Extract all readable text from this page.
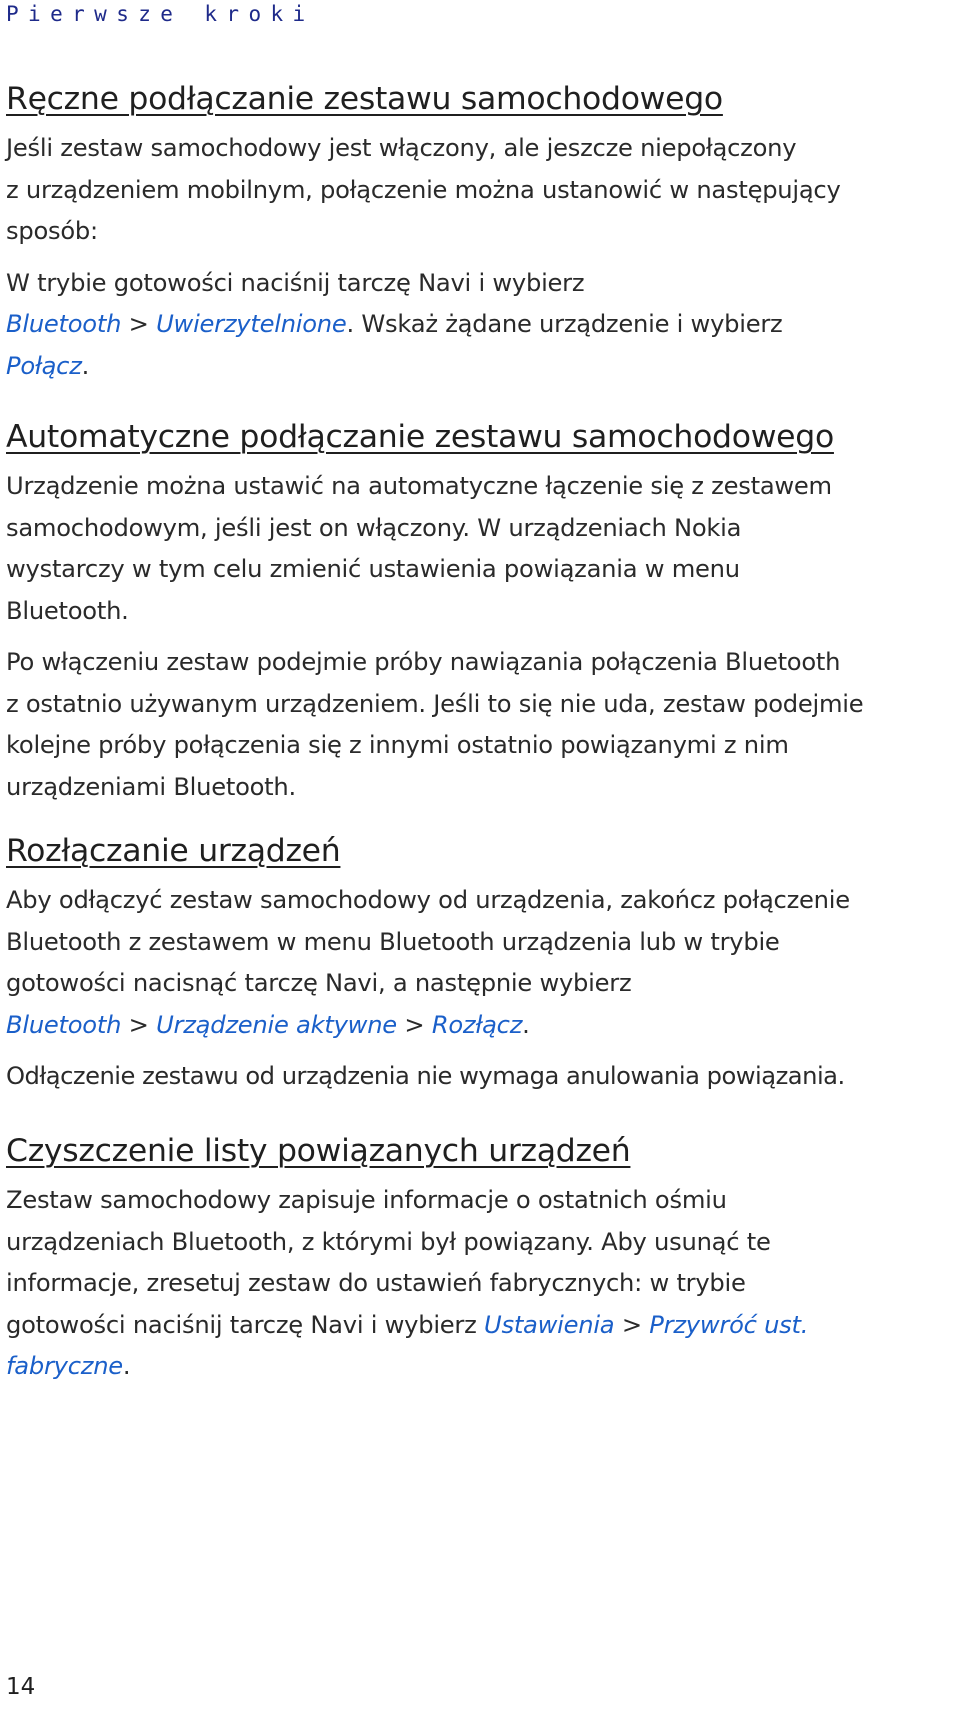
Pierwsze kroki
Ręczne podłączanie zestawu samochodowego

Jeśli zestaw samochodowy jest włączony, ale jeszcze niepołączony
z urządzeniem mobilnym, połączenie można ustanowić w następujący
sposób:

W trybie gotowości naciśnij tarczę Navi i wybierz
Bluetooth > Uwierzytelnione. Wskaż żądane urządzenie i wybierz
Połącz.

Automatyczne podłączanie zestawu samochodowego

Urządzenie można ustawić na automatyczne łączenie się z zestawem
samochodowym, jeśli jest on włączony. W urządzeniach Nokia
wystarczy w tym celu zmienić ustawienia powiązania w menu
Bluetooth.

Po włączeniu zestaw podejmie próby nawiązania połączenia Bluetooth
z ostatnio używanym urządzeniem. Jeśli to się nie uda, zestaw podejmie
kolejne próby połączenia się z innymi ostatnio powiązanymi z nim
urządzeniami Bluetooth.

Rozłączanie urządzeń

Aby odłączyć zestaw samochodowy od urządzenia, zakończ połączenie
Bluetooth z zestawem w menu Bluetooth urządzenia lub w trybie
gotowości nacisnąć tarczę Navi, a następnie wybierz
Bluetooth > Urządzenie aktywne > Rozłącz.

Odłączenie zestawu od urządzenia nie wymaga anulowania powiązania.

Czyszczenie listy powiązanych urządzeń

Zestaw samochodowy zapisuje informacje o ostatnich ośmiu
urządzeniach Bluetooth, z którymi był powiązany. Aby usunąć te
informacje, zresetuj zestaw do ustawień fabrycznych: w trybie
gotowości naciśnij tarczę Navi i wybierz Ustawienia > Przywróć ust.
fabryczne.

14
